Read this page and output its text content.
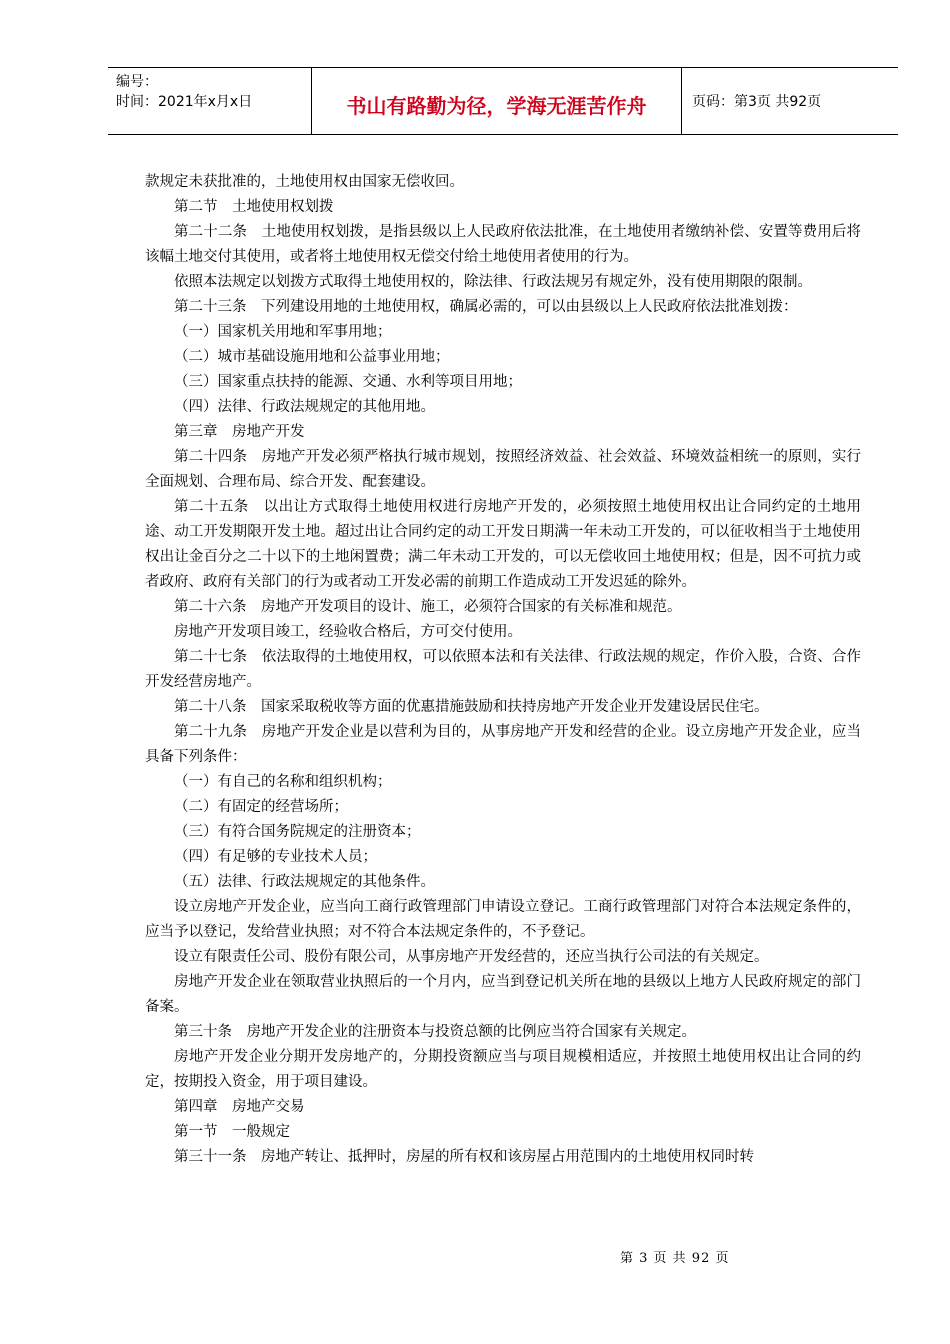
编号：
时间：2021年x月x日	书山有路勤为径，学海无涯苦作舟	页码：第3页 共92页

款规定未获批准的，土地使用权由国家无偿收回。

第二节　土地使用权划拨

第二十二条　土地使用权划拨，是指县级以上人民政府依法批准，在土地使用者缴纳补偿、安置等费用后将该幅土地交付其使用，或者将土地使用权无偿交付给土地使用者使用的行为。

依照本法规定以划拨方式取得土地使用权的，除法律、行政法规另有规定外，没有使用期限的限制。

第二十三条　下列建设用地的土地使用权，确属必需的，可以由县级以上人民政府依法批准划拨：

（一）国家机关用地和军事用地；

（二）城市基础设施用地和公益事业用地；

（三）国家重点扶持的能源、交通、水利等项目用地；

（四）法律、行政法规规定的其他用地。

第三章　房地产开发

第二十四条　房地产开发必须严格执行城市规划，按照经济效益、社会效益、环境效益相统一的原则，实行全面规划、合理布局、综合开发、配套建设。

第二十五条　以出让方式取得土地使用权进行房地产开发的，必须按照土地使用权出让合同约定的土地用途、动工开发期限开发土地。超过出让合同约定的动工开发日期满一年未动工开发的，可以征收相当于土地使用权出让金百分之二十以下的土地闲置费；满二年未动工开发的，可以无偿收回土地使用权；但是，因不可抗力或者政府、政府有关部门的行为或者动工开发必需的前期工作造成动工开发迟延的除外。

第二十六条　房地产开发项目的设计、施工，必须符合国家的有关标准和规范。

房地产开发项目竣工，经验收合格后，方可交付使用。

第二十七条　依法取得的土地使用权，可以依照本法和有关法律、行政法规的规定，作价入股，合资、合作开发经营房地产。

第二十八条　国家采取税收等方面的优惠措施鼓励和扶持房地产开发企业开发建设居民住宅。

第二十九条　房地产开发企业是以营利为目的，从事房地产开发和经营的企业。设立房地产开发企业，应当具备下列条件：

（一）有自己的名称和组织机构；

（二）有固定的经营场所；

（三）有符合国务院规定的注册资本；

（四）有足够的专业技术人员；

（五）法律、行政法规规定的其他条件。

设立房地产开发企业，应当向工商行政管理部门申请设立登记。工商行政管理部门对符合本法规定条件的，应当予以登记，发给营业执照；对不符合本法规定条件的，不予登记。

设立有限责任公司、股份有限公司，从事房地产开发经营的，还应当执行公司法的有关规定。

房地产开发企业在领取营业执照后的一个月内，应当到登记机关所在地的县级以上地方人民政府规定的部门备案。

第三十条　房地产开发企业的注册资本与投资总额的比例应当符合国家有关规定。

房地产开发企业分期开发房地产的，分期投资额应当与项目规模相适应，并按照土地使用权出让合同的约定，按期投入资金，用于项目建设。

第四章　房地产交易

第一节　一般规定

第三十一条　房地产转让、抵押时，房屋的所有权和该房屋占用范围内的土地使用权同时转

第 3 页 共 92 页
